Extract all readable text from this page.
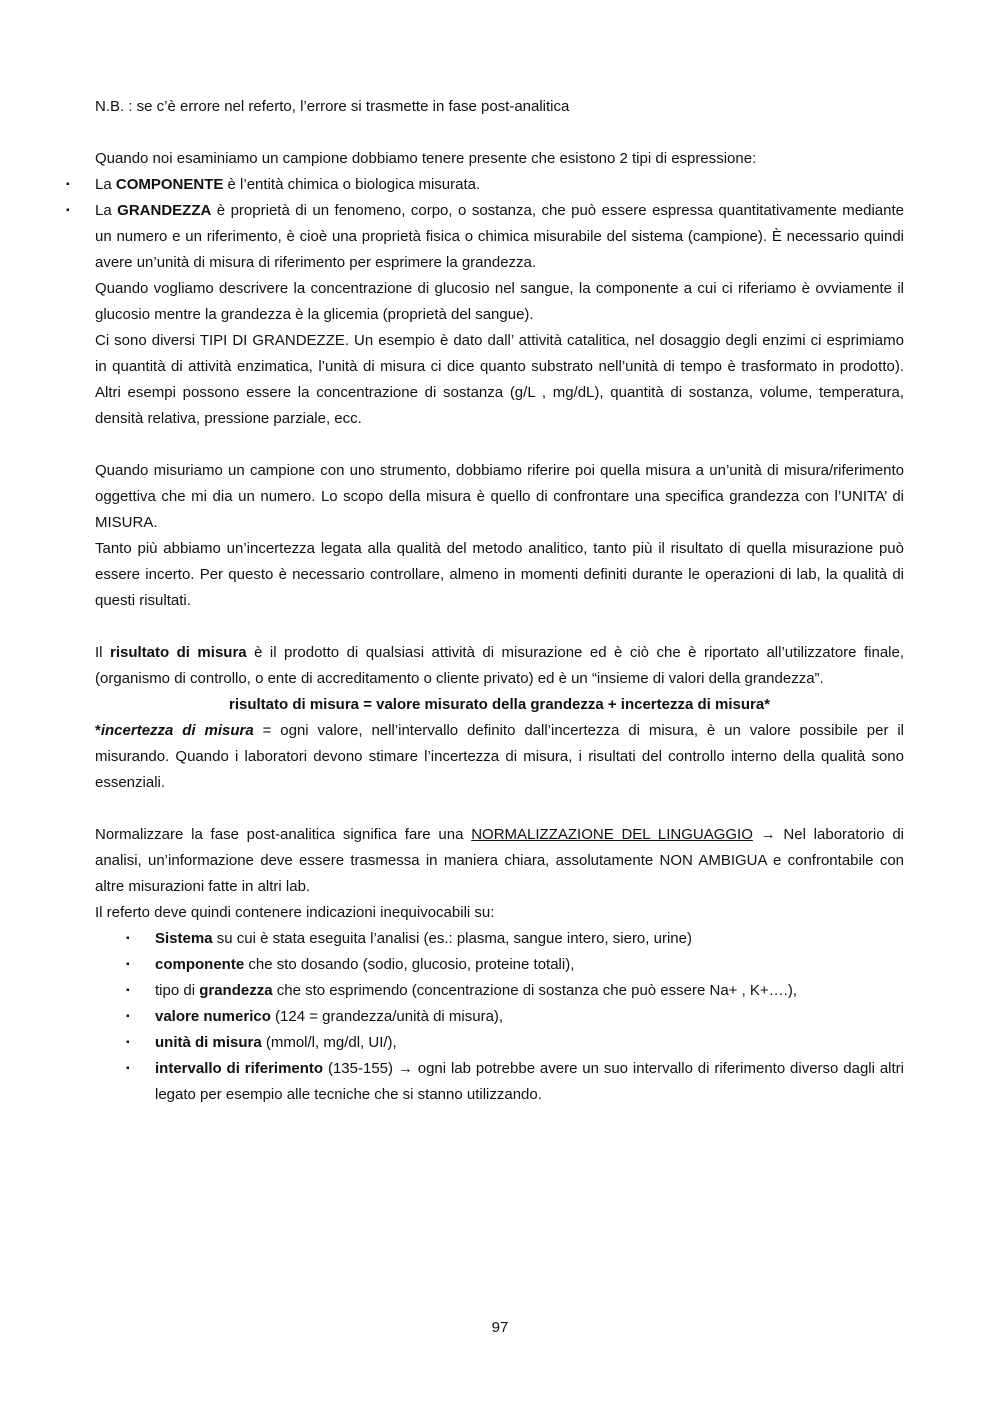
N.B. : se c’è errore nel referto, l’errore si trasmette in fase post-analitica

Quando noi esaminiamo un campione dobbiamo tenere presente che esistono 2 tipi di espressione:

▪ La COMPONENTE è l’entità chimica o biologica misurata.

▪ La GRANDEZZA è proprietà di un fenomeno, corpo, o sostanza, che può essere espressa quantitativamente mediante un numero e un riferimento, è cioè una proprietà fisica o chimica misurabile del sistema (campione). È necessario quindi avere un’unità di misura di riferimento per esprimere la grandezza.

Quando vogliamo descrivere la concentrazione di glucosio nel sangue, la componente a cui ci riferiamo è ovviamente il glucosio mentre la grandezza è la glicemia (proprietà del sangue).

Ci sono diversi TIPI DI GRANDEZZE. Un esempio è dato dall’ attività catalitica, nel dosaggio degli enzimi ci esprimiamo in quantità di attività enzimatica, l’unità di misura ci dice quanto substrato nell’unità di tempo è trasformato in prodotto). Altri esempi possono essere la concentrazione di sostanza (g/L , mg/dL), quantità di sostanza, volume, temperatura, densità relativa, pressione parziale, ecc.

Quando misuriamo un campione con uno strumento, dobbiamo riferire poi quella misura a un’unità di misura/riferimento oggettiva che mi dia un numero. Lo scopo della misura è quello di confrontare una specifica grandezza con l’UNITA’ di MISURA.

Tanto più abbiamo un’incertezza legata alla qualità del metodo analitico, tanto più il risultato di quella misurazione può essere incerto. Per questo è necessario controllare, almeno in momenti definiti durante le operazioni di lab, la qualità di questi risultati.

Il risultato di misura è il prodotto di qualsiasi attività di misurazione ed è ciò che è riportato all’utilizzatore finale, (organismo di controllo, o ente di accreditamento o cliente privato) ed è un “insieme di valori della grandezza”.

risultato di misura = valore misurato della grandezza + incertezza di misura*

*incertezza di misura = ogni valore, nell’intervallo definito dall’incertezza di misura, è un valore possibile per il misurando. Quando i laboratori devono stimare l’incertezza di misura, i risultati del controllo interno della qualità sono essenziali.

Normalizzare la fase post-analitica significa fare una NORMALIZZAZIONE DEL LINGUAGGIO → Nel laboratorio di analisi, un’informazione deve essere trasmessa in maniera chiara, assolutamente NON AMBIGUA e confrontabile con altre misurazioni fatte in altri lab.

Il referto deve quindi contenere indicazioni inequivocabili su:

▪ Sistema su cui è stata eseguita l’analisi (es.: plasma, sangue intero, siero, urine)

▪ componente che sto dosando (sodio, glucosio, proteine totali),

▪ tipo di grandezza che sto esprimendo (concentrazione di sostanza che può essere Na+ , K+….),

▪ valore numerico (124 = grandezza/unità di misura),

▪ unità di misura (mmol/l, mg/dl, UI/),

▪ intervallo di riferimento (135-155) → ogni lab potrebbe avere un suo intervallo di riferimento diverso dagli altri legato per esempio alle tecniche che si stanno utilizzando.

97
